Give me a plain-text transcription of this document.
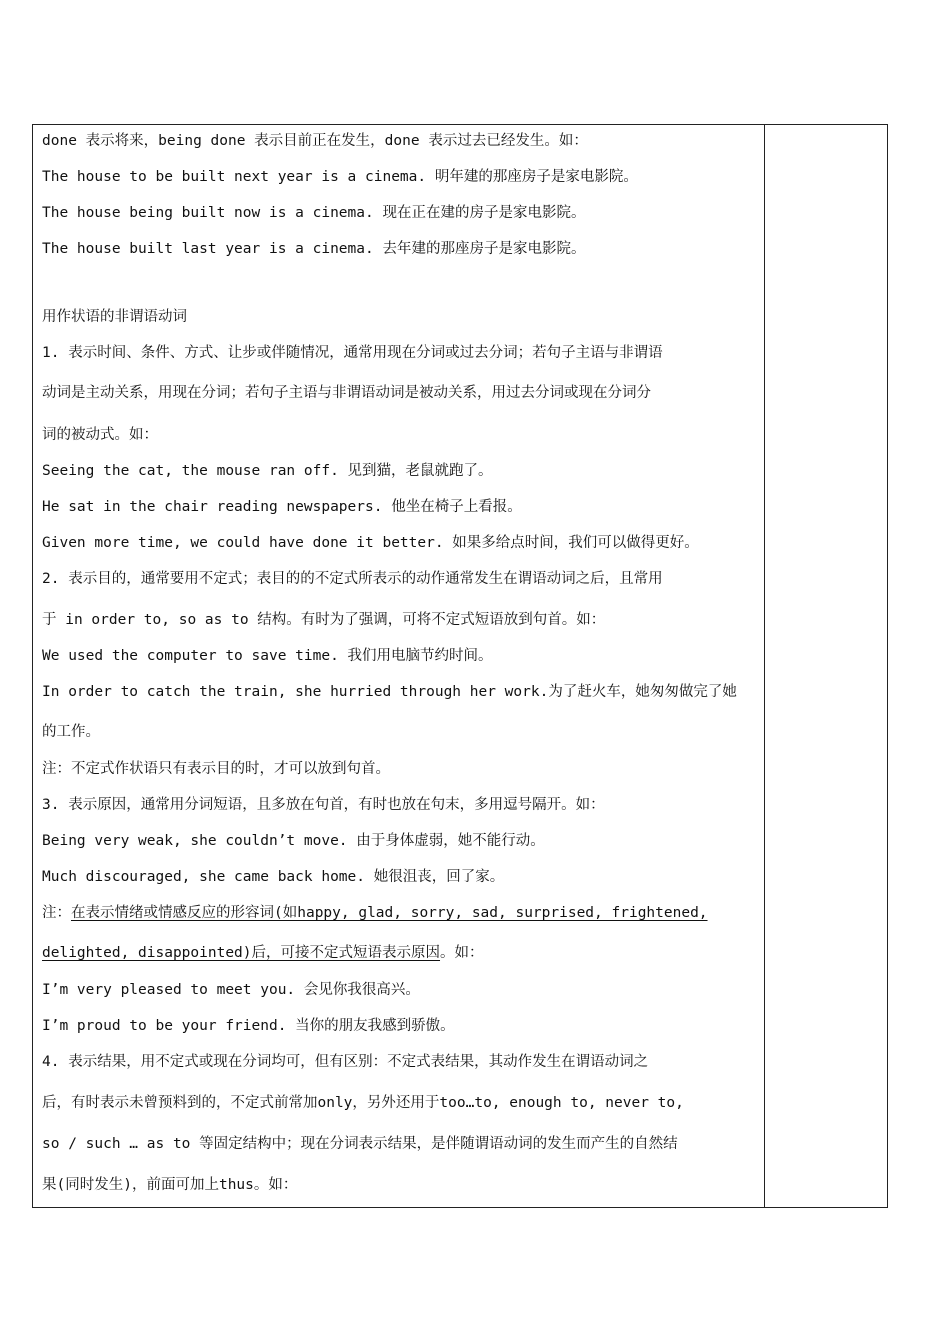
done 表示将来，being done 表示目前正在发生，done 表示过去已经发生。如：
The house to be built next year is a cinema. 明年建的那座房子是家电影院。
The house being built now is a cinema. 现在正在建的房子是家电影院。
The house built last year is a cinema. 去年建的那座房子是家电影院。
用作状语的非谓语动词
1. 表示时间、条件、方式、让步或伴随情况，通常用现在分词或过去分词；若句子主语与非谓语
动词是主动关系，用现在分词；若句子主语与非谓语动词是被动关系，用过去分词或现在分词分
词的被动式。如：
Seeing the cat, the mouse ran off. 见到猫，老鼠就跑了。
He sat in the chair reading newspapers. 他坐在椅子上看报。
Given more time, we could have done it better. 如果多给点时间，我们可以做得更好。
2. 表示目的，通常要用不定式；表目的的不定式所表示的动作通常发生在谓语动词之后，且常用
于 in order to, so as to 结构。有时为了强调，可将不定式短语放到句首。如：
We used the computer to save time. 我们用电脑节约时间。
In order to catch the train, she hurried through her work.为了赶火车，她匆匆做完了她
的工作。
注：不定式作状语只有表示目的时，才可以放到句首。
3. 表示原因，通常用分词短语，且多放在句首，有时也放在句末，多用逗号隔开。如：
Being very weak, she couldn’t move. 由于身体虚弱，她不能行动。
Much discouraged, she came back home. 她很沮丧，回了家。
注：在表示情绪或情感反应的形容词(如happy, glad, sorry, sad, surprised, frightened,
delighted, disappointed)后，可接不定式短语表示原因。如：
I’m very pleased to meet you. 会见你我很高兴。
I’m proud to be your friend. 当你的朋友我感到骄傲。
4. 表示结果，用不定式或现在分词均可，但有区别：不定式表结果，其动作发生在谓语动词之
后，有时表示未曾预料到的，不定式前常加only，另外还用于too…to, enough to, never to,
so / such … as to 等固定结构中；现在分词表示结果，是伴随谓语动词的发生而产生的自然结
果(同时发生)，前面可加上thus。如：
